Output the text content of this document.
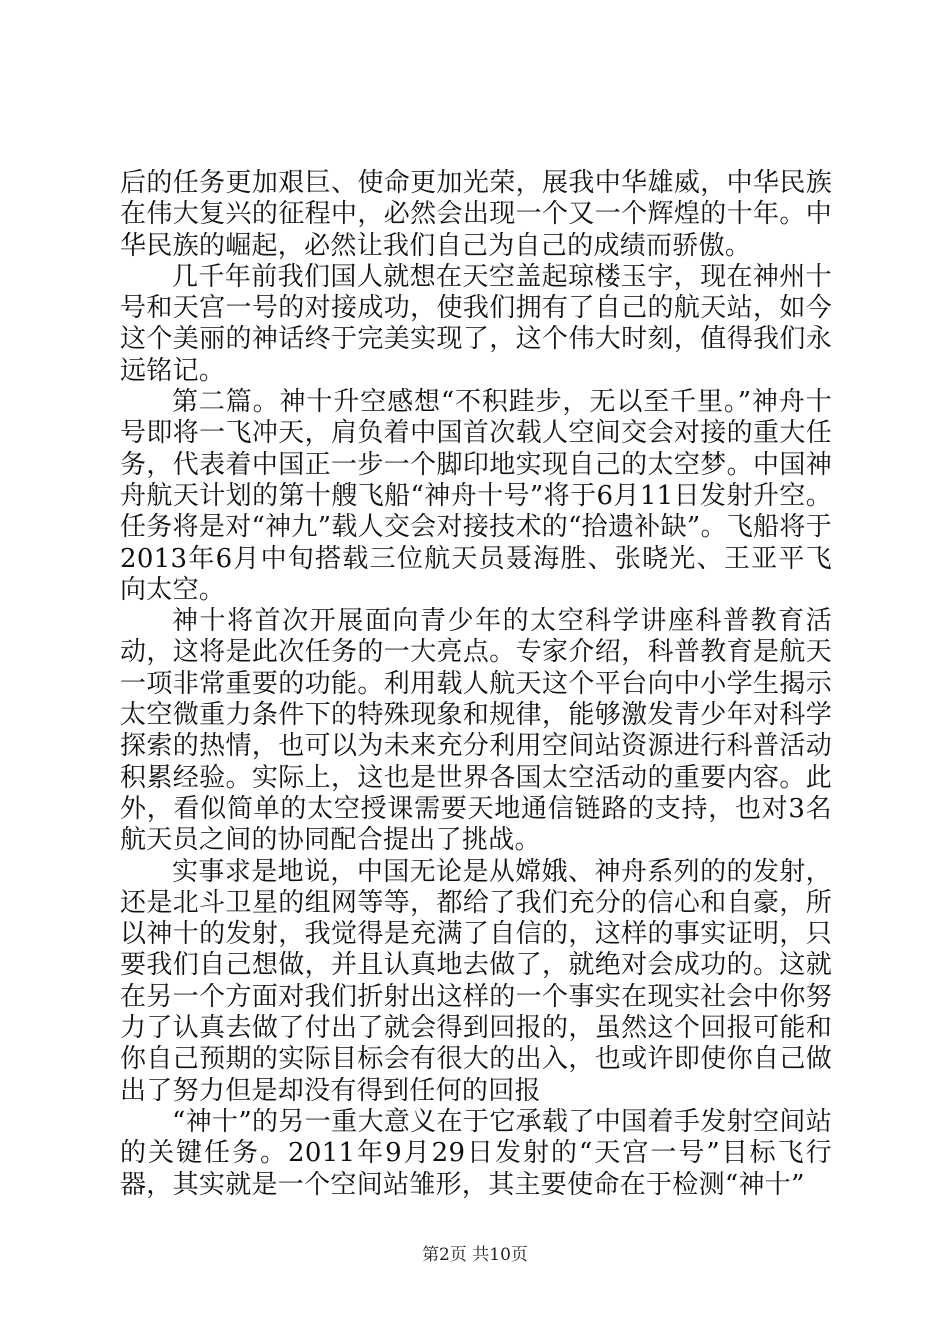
后的任务更加艰巨、使命更加光荣，展我中华雄威，中华民族在伟大复兴的征程中，必然会出现一个又一个辉煌的十年。中华民族的崛起，必然让我们自己为自己的成绩而骄傲。

几千年前我们国人就想在天空盖起琼楼玉宇，现在神州十号和天宫一号的对接成功，使我们拥有了自己的航天站，如今这个美丽的神话终于完美实现了，这个伟大时刻，值得我们永远铭记。

第二篇。神十升空感想“不积跬步，无以至千里。”神舟十号即将一飞冲天，肩负着中国首次载人空间交会对接的重大任务，代表着中国正一步一个脚印地实现自己的太空梦。中国神舟航天计划的第十艘飞船“神舟十号”将于6月11日发射升空。任务将是对“神九”载人交会对接技术的“拾遗补缺”。飞船将于2013年6月中旬搭载三位航天员聂海胜、张晓光、王亚平飞向太空。

神十将首次开展面向青少年的太空科学讲座科普教育活动，这将是此次任务的一大亮点。专家介绍，科普教育是航天一项非常重要的功能。利用载人航天这个平台向中小学生揭示太空微重力条件下的特殊现象和规律，能够激发青少年对科学探索的热情，也可以为未来充分利用空间站资源进行科普活动积累经验。实际上，这也是世界各国太空活动的重要内容。此外，看似简单的太空授课需要天地通信链路的支持，也对3名航天员之间的协同配合提出了挑战。

实事求是地说，中国无论是从嫦娥、神舟系列的的发射，还是北斗卫星的组网等等，都给了我们充分的信心和自豪，所以神十的发射，我觉得是充满了自信的，这样的事实证明，只要我们自己想做，并且认真地去做了，就绝对会成功的。这就在另一个方面对我们折射出这样的一个事实在现实社会中你努力了认真去做了付出了就会得到回报的，虽然这个回报可能和你自己预期的实际目标会有很大的出入，也或许即使你自己做出了努力但是却没有得到任何的回报

“神十”的另一重大意义在于它承载了中国着手发射空间站的关键任务。2011年9月29日发射的“天宫一号”目标飞行器，其实就是一个空间站雏形，其主要使命在于检测“神十”

第2页 共10页
